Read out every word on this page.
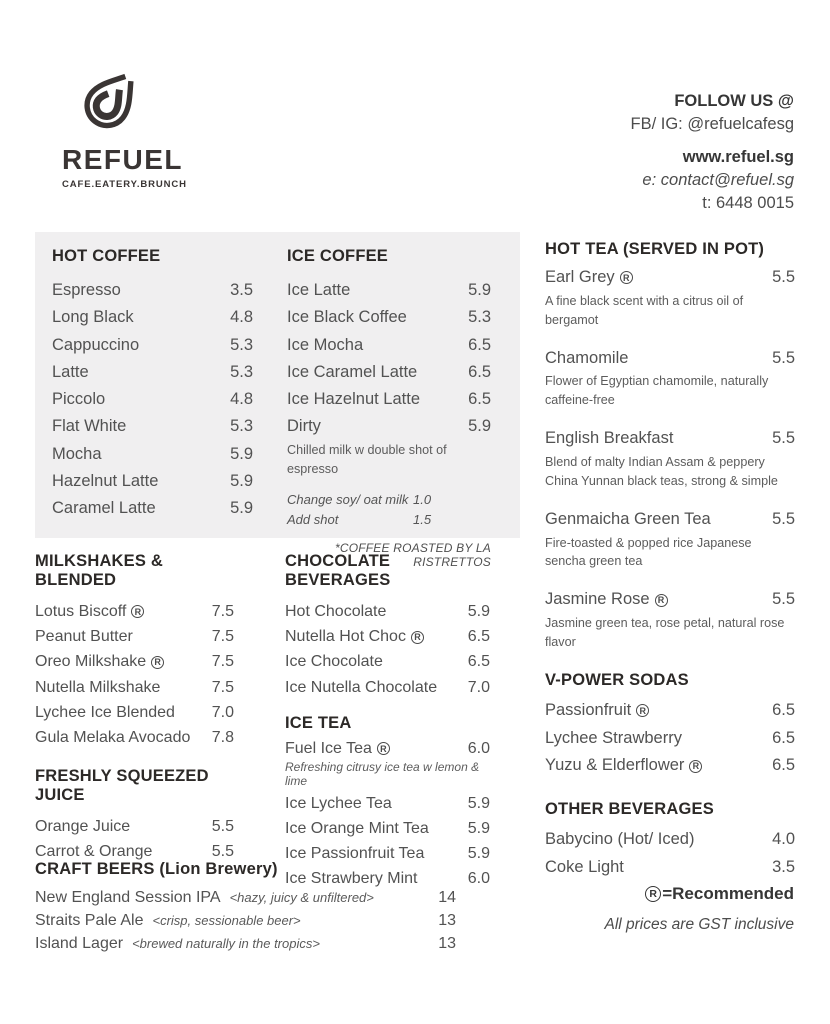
REFUEL
CAFE.EATERY.BRUNCH
FOLLOW US @
FB/ IG: @refuelcafesg
www.refuel.sg
e: contact@refuel.sg
t: 6448 0015
HOT COFFEE
Espresso	3.5
Long Black	4.8
Cappuccino	5.3
Latte	5.3
Piccolo	4.8
Flat White	5.3
Mocha	5.9
Hazelnut Latte	5.9
Caramel Latte	5.9
ICE COFFEE
Ice Latte	5.9
Ice Black Coffee	5.3
Ice Mocha	6.5
Ice Caramel Latte	6.5
Ice Hazelnut Latte	6.5
Dirty	5.9
Chilled milk w double shot of espresso
Change soy/ oat milk 1.0
Add shot	1.5
*COFFEE ROASTED BY LA RISTRETTOS
MILKSHAKES & BLENDED
Lotus Biscoff R	7.5
Peanut Butter	7.5
Oreo Milkshake R	7.5
Nutella Milkshake	7.5
Lychee Ice Blended	7.0
Gula Melaka Avocado	7.8
FRESHLY SQUEEZED JUICE
Orange Juice	5.5
Carrot & Orange	5.5
CHOCOLATE BEVERAGES
Hot Chocolate	5.9
Nutella Hot Choc R	6.5
Ice Chocolate	6.5
Ice Nutella Chocolate	7.0
ICE TEA
Fuel Ice Tea R	6.0
Refreshing citrusy ice tea w lemon & lime
Ice Lychee Tea	5.9
Ice Orange Mint Tea	5.9
Ice Passionfruit Tea	5.9
Ice Strawbery Mint	6.0
HOT TEA (SERVED IN POT)
Earl Grey R	5.5
A fine black scent with a citrus oil of bergamot
Chamomile	5.5
Flower of Egyptian chamomile, naturally caffeine-free
English Breakfast	5.5
Blend of malty Indian Assam & peppery China Yunnan black teas, strong & simple
Genmaicha Green Tea	5.5
Fire-toasted & popped rice Japanese sencha green tea
Jasmine Rose R	5.5
Jasmine green tea, rose petal, natural rose flavor
V-POWER SODAS
Passionfruit R	6.5
Lychee Strawberry	6.5
Yuzu & Elderflower R	6.5
OTHER BEVERAGES
Babycino (Hot/ Iced)	4.0
Coke Light	3.5
CRAFT BEERS (Lion Brewery)
New England Session IPA <hazy, juicy & unfiltered>	14
Straits Pale Ale <crisp, sessionable beer>	13
Island Lager <brewed naturally in the tropics>	13
R =Recommended
All prices are GST inclusive
